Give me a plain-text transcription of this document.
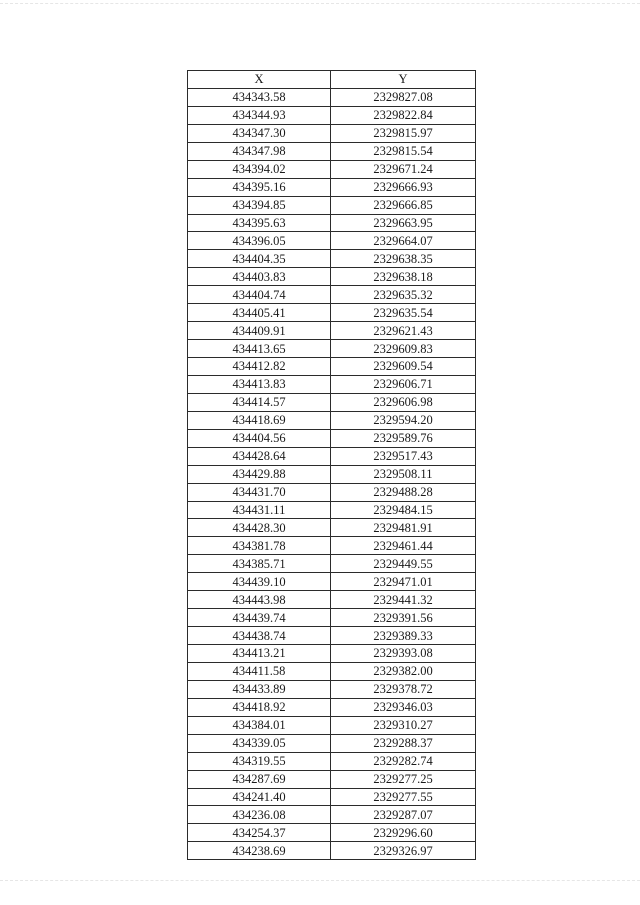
X	Y
434343.58	2329827.08
434344.93	2329822.84
434347.30	2329815.97
434347.98	2329815.54
434394.02	2329671.24
434395.16	2329666.93
434394.85	2329666.85
434395.63	2329663.95
434396.05	2329664.07
434404.35	2329638.35
434403.83	2329638.18
434404.74	2329635.32
434405.41	2329635.54
434409.91	2329621.43
434413.65	2329609.83
434412.82	2329609.54
434413.83	2329606.71
434414.57	2329606.98
434418.69	2329594.20
434404.56	2329589.76
434428.64	2329517.43
434429.88	2329508.11
434431.70	2329488.28
434431.11	2329484.15
434428.30	2329481.91
434381.78	2329461.44
434385.71	2329449.55
434439.10	2329471.01
434443.98	2329441.32
434439.74	2329391.56
434438.74	2329389.33
434413.21	2329393.08
434411.58	2329382.00
434433.89	2329378.72
434418.92	2329346.03
434384.01	2329310.27
434339.05	2329288.37
434319.55	2329282.74
434287.69	2329277.25
434241.40	2329277.55
434236.08	2329287.07
434254.37	2329296.60
434238.69	2329326.97
